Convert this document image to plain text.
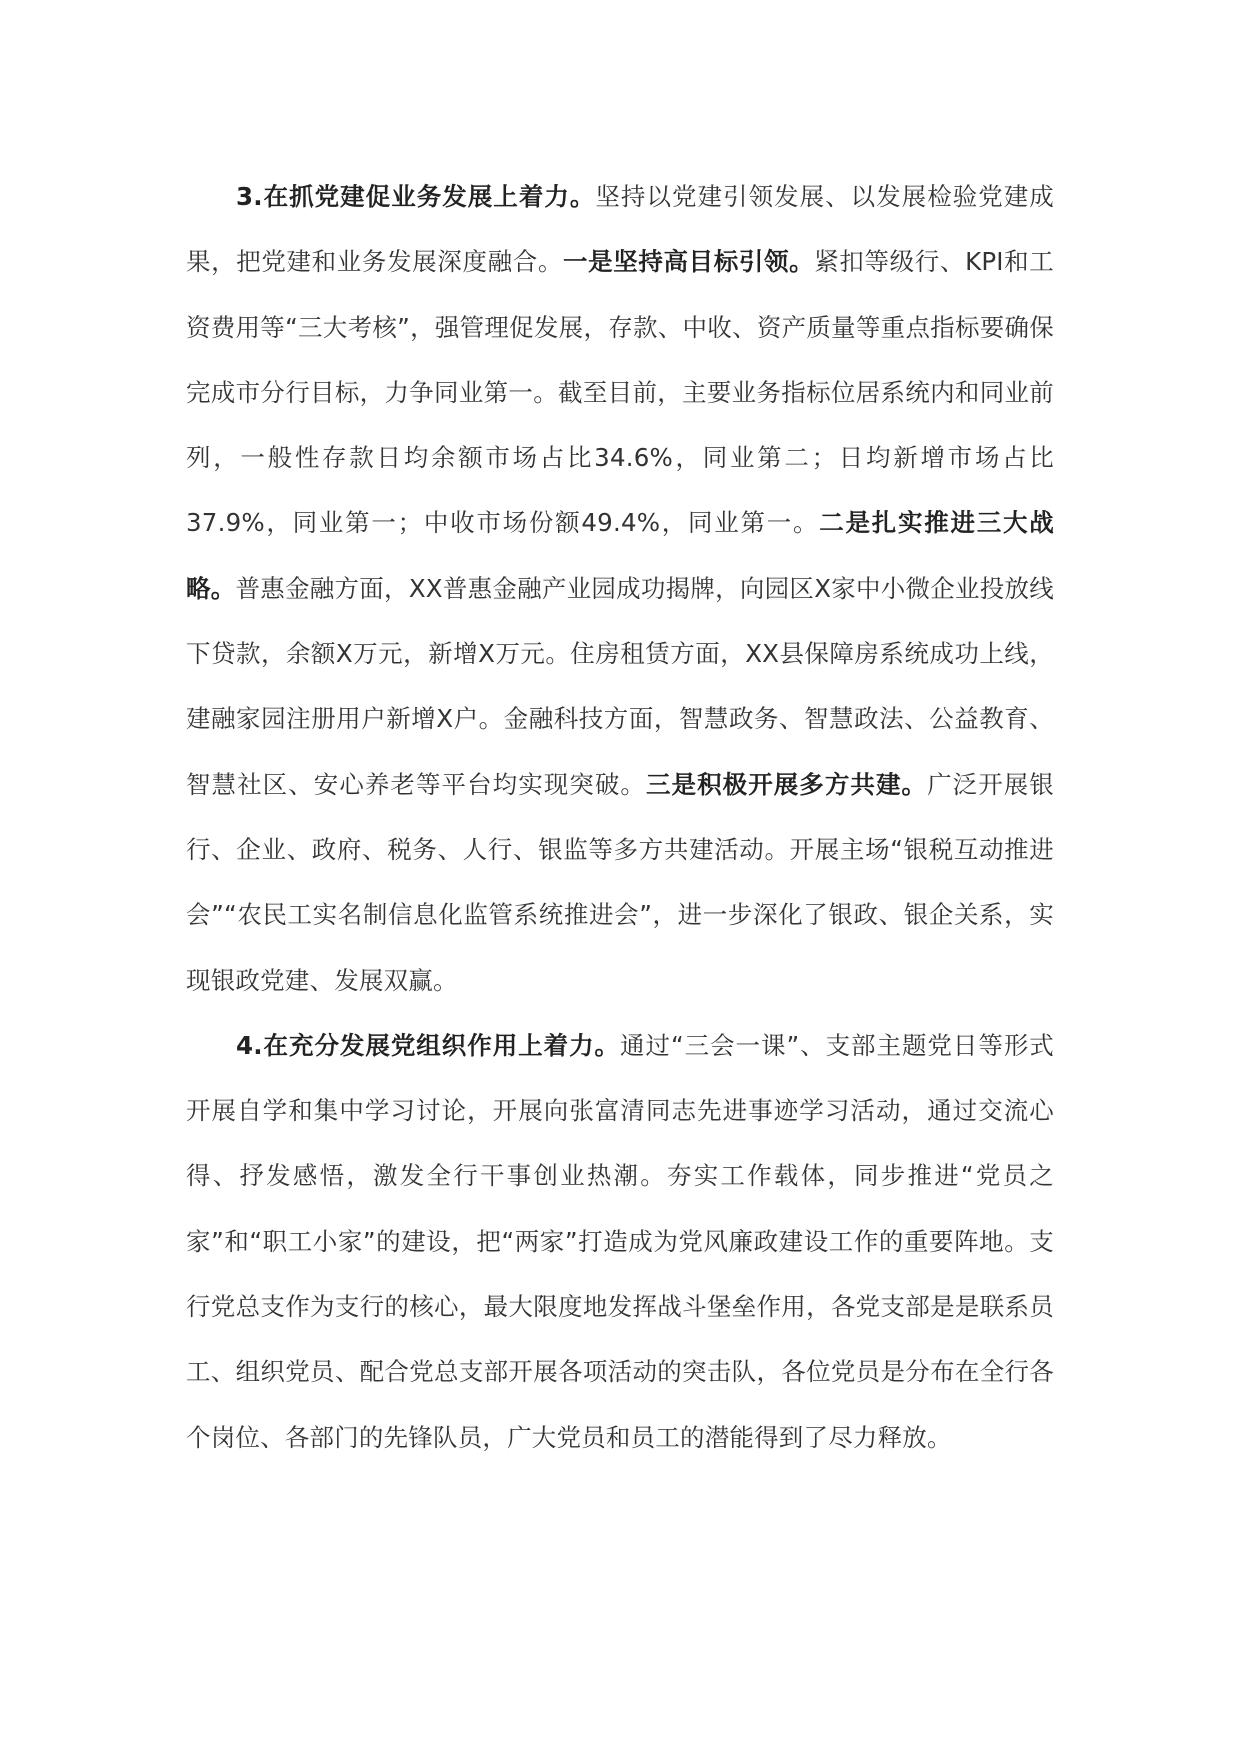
3.在抓党建促业务发展上着力。坚持以党建引领发展、以发展检验党建成果，把党建和业务发展深度融合。一是坚持高目标引领。紧扣等级行、KPI和工资费用等“三大考核”，强管理促发展，存款、中收、资产质量等重点指标要确保完成市分行目标，力争同业第一。截至目前，主要业务指标位居系统内和同业前列，一般性存款日均余额市场占比34.6%，同业第二；日均新增市场占比37.9%，同业第一；中收市场份额49.4%，同业第一。二是扎实推进三大战略。普惠金融方面，XX普惠金融产业园成功揭牌，向园区X家中小微企业投放线下贷款，余额X万元，新增X万元。住房租赁方面，XX县保障房系统成功上线，建融家园注册用户新增X户。金融科技方面，智慧政务、智慧政法、公益教育、智慧社区、安心养老等平台均实现突破。三是积极开展多方共建。广泛开展银行、企业、政府、税务、人行、银监等多方共建活动。开展主场“银税互动推进会”“农民工实名制信息化监管系统推进会”，进一步深化了银政、银企关系，实现银政党建、发展双赢。

4.在充分发展党组织作用上着力。通过“三会一课”、支部主题党日等形式开展自学和集中学习讨论，开展向张富清同志先进事迹学习活动，通过交流心得、抒发感悟，激发全行干事创业热潮。夯实工作载体，同步推进“党员之家”和“职工小家”的建设，把“两家”打造成为党风廉政建设工作的重要阵地。支行党总支作为支行的核心，最大限度地发挥战斗堡垒作用，各党支部是是联系员工、组织党员、配合党总支部开展各项活动的突击队，各位党员是分布在全行各个岗位、各部门的先锋队员，广大党员和员工的潜能得到了尽力释放。
